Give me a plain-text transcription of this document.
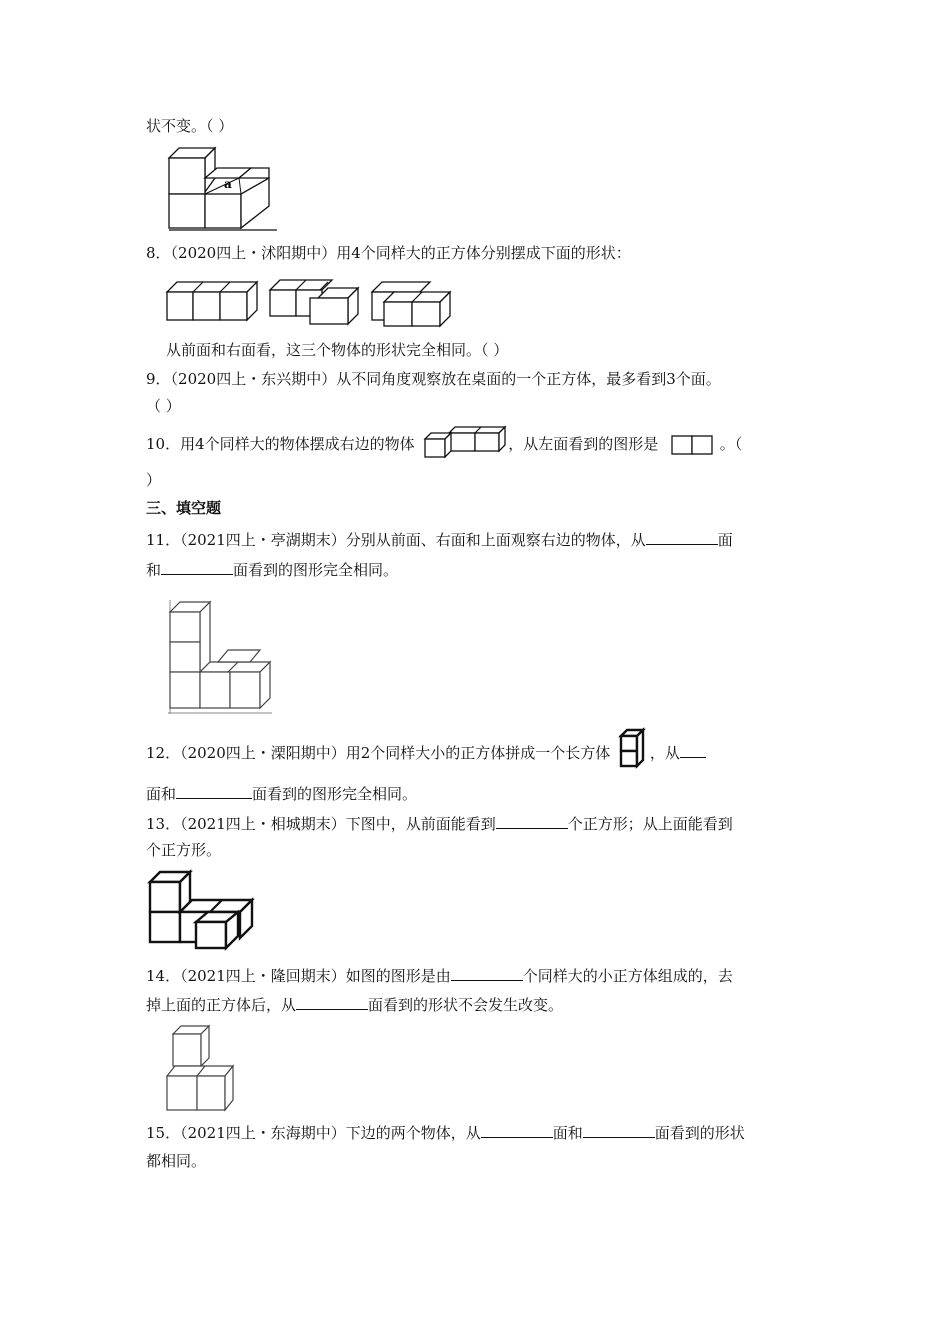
状不变。（ ）
a
8．（2020四上・沭阳期中）用4个同样大的正方体分别摆成下面的形状：
从前面和右面看，这三个物体的形状完全相同。（ ）
9．（2020四上・东兴期中）从不同角度观察放在桌面的一个正方体，最多看到3个面。
（ ）
10．用4个同样大的物体摆成右边的物体	，从左面看到的图形是	。（
）
三、填空题
11．（2021四上・亭湖期末）分别从前面、右面和上面观察右边的物体，从	面
和	面看到的图形完全相同。
12．（2020四上・溧阳期中）用2个同样大小的正方体拼成一个长方体	，从
面和	面看到的图形完全相同。
13．（2021四上・相城期末）下图中，从前面能看到	个正方形；从上面能看到
个正方形。
14．（2021四上・隆回期末）如图的图形是由	个同样大的小正方体组成的，去
掉上面的正方体后，从	面看到的形状不会发生改变。
15．（2021四上・东海期中）下边的两个物体，从	面和	面看到的形状
都相同。
